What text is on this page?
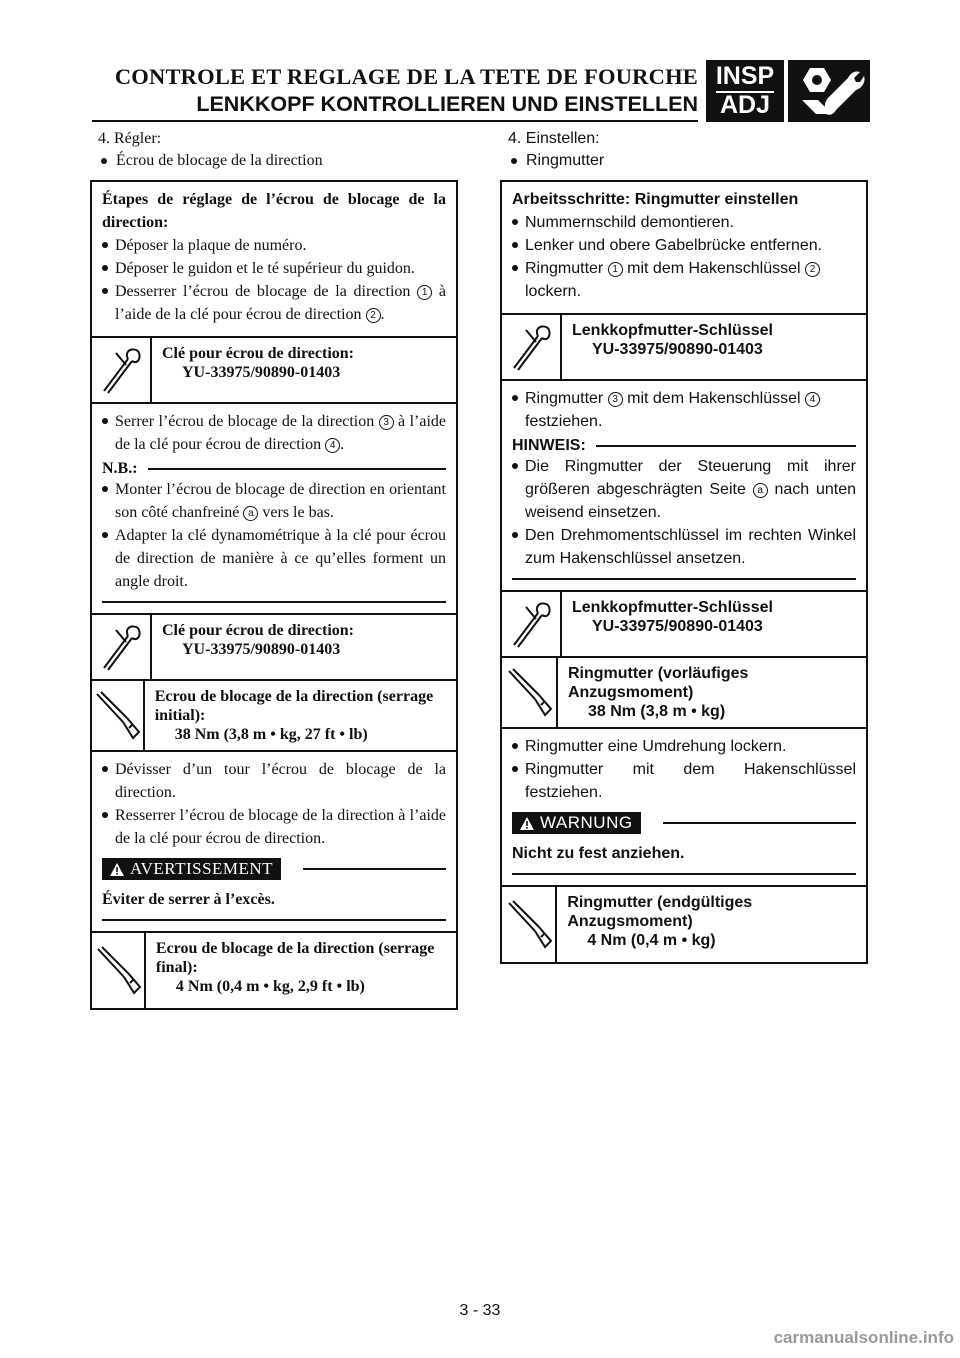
CONTROLE ET REGLAGE DE LA TETE DE FOURCHE
LENKKOPF KONTROLLIEREN UND EINSTELLEN
INSP
ADJ
4. Régler:
Écrou de blocage de la direction

Étapes de réglage de l’écrou de blocage de la direction:

Déposer la plaque de numéro.

Déposer le guidon et le té supérieur du guidon.

Desserrer l’écrou de blocage de la direction 1 à l’aide de la clé pour écrou de direction 2 .

Clé pour écrou de direction:
YU-33975/90890-01403

Serrer l’écrou de blocage de la direction 3 à l’aide de la clé pour écrou de direction 4 .

N.B.:

Monter l’écrou de blocage de direction en orientant son côté chanfreiné a vers le bas.

Adapter la clé dynamométrique à la clé pour écrou de direction de manière à ce qu’elles forment un angle droit.

Clé pour écrou de direction:
YU-33975/90890-01403
Ecrou de blocage de la direction (serrage initial):
38 Nm (3,8 m • kg, 27 ft • lb)

Dévisser d’un tour l’écrou de blocage de la direction.

Resserrer l’écrou de blocage de la direction à l’aide de la clé pour écrou de direction.

AVERTISSEMENT

Éviter de serrer à l’excès.

Ecrou de blocage de la direction (serrage final):
4 Nm (0,4 m • kg, 2,9 ft • lb)
4. Einstellen:
Ringmutter

Arbeitsschritte: Ringmutter einstellen

Nummernschild demontieren.

Lenker und obere Gabelbrücke entfernen.

Ringmutter 1 mit dem Hakenschlüssel 2 lockern.

Lenkkopfmutter-Schlüssel
YU-33975/90890-01403

Ringmutter 3 mit dem Hakenschlüssel 4 festziehen.

HINWEIS:

Die Ringmutter der Steuerung mit ihrer größeren abgeschrägten Seite a nach unten weisend einsetzen.

Den Drehmomentschlüssel im rechten Winkel zum Hakenschlüssel ansetzen.

Lenkkopfmutter-Schlüssel
YU-33975/90890-01403
Ringmutter (vorläufiges Anzugsmoment)
38 Nm (3,8 m • kg)

Ringmutter eine Umdrehung lockern.

Ringmutter mit dem Hakenschlüssel festziehen.

WARNUNG

Nicht zu fest anziehen.

Ringmutter (endgültiges Anzugsmoment)
4 Nm (0,4 m • kg)
3 - 33
carmanualsonline.info
